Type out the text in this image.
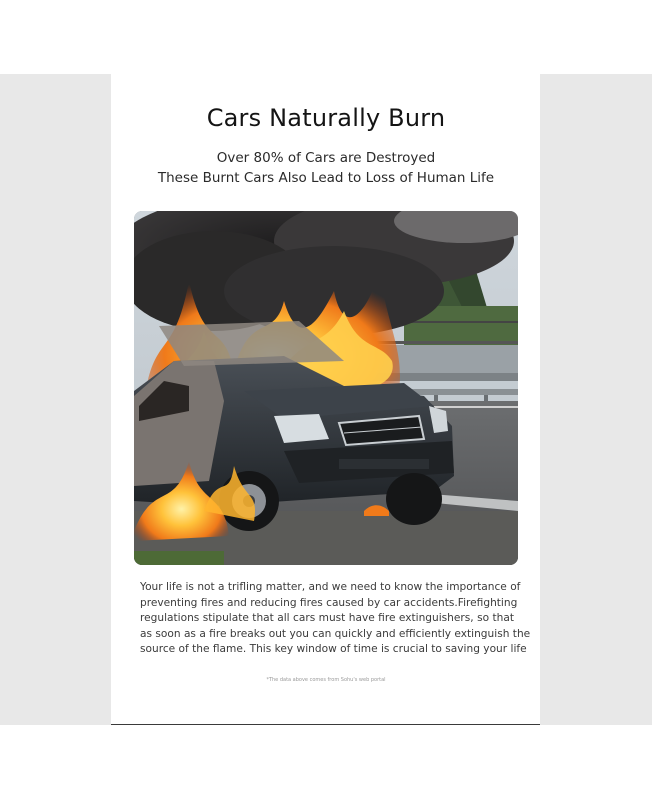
Cars Naturally Burn

Over 80% of Cars are Destroyed

These Burnt Cars Also Lead to Loss of Human Life

Your life is not a trifling matter, and we need to know the importance of
preventing fires and reducing fires caused by car accidents.Firefighting
regulations stipulate that all cars must have fire extinguishers, so that
as soon as a fire breaks out you can quickly and efficiently extinguish the
source of the flame. This key window of time is crucial to saving your life

*The data above comes from Sohu's web portal
